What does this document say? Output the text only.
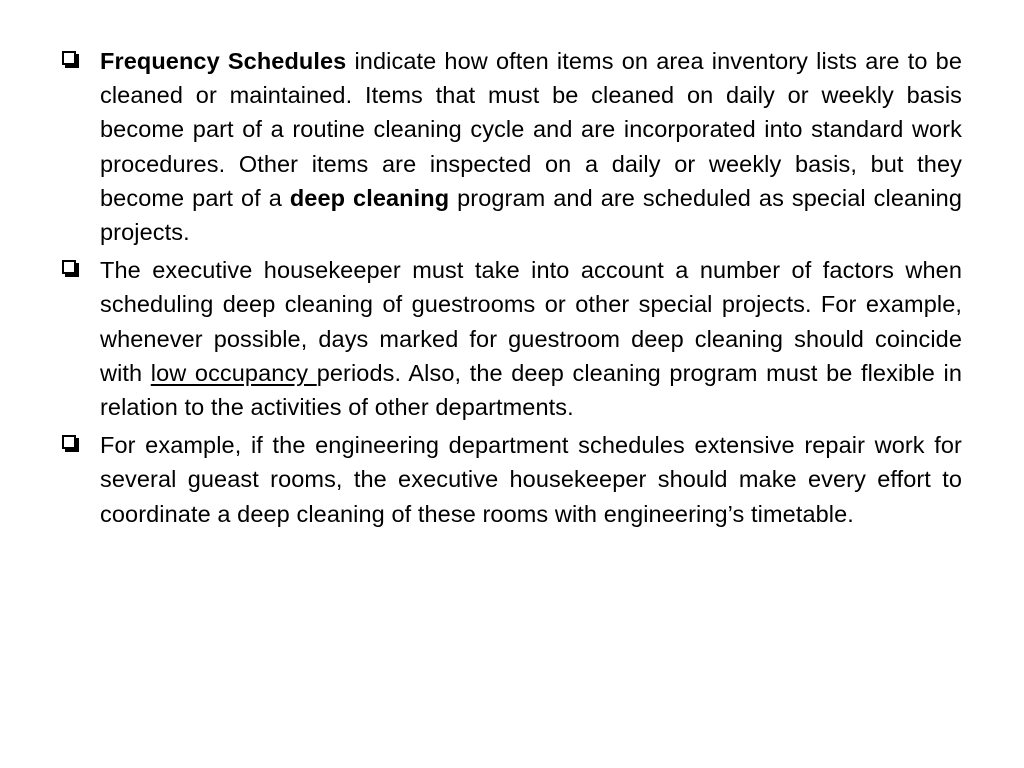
Frequency Schedules indicate how often items on area inventory lists are to be cleaned or maintained. Items that must be cleaned on daily or weekly basis become part of a routine cleaning cycle and are incorporated into standard work procedures. Other items are inspected on a daily or weekly basis, but they become part of a deep cleaning program and are scheduled as special cleaning projects.
The executive housekeeper must take into account a number of factors when scheduling deep cleaning of guestrooms or other special projects. For example, whenever possible, days marked for guestroom deep cleaning should coincide with low occupancy periods. Also, the deep cleaning program must be flexible in relation to the activities of other departments.
For example, if the engineering department schedules extensive repair work for several gueast rooms, the executive housekeeper should make every effort to coordinate a deep cleaning of these rooms with engineering’s timetable.
